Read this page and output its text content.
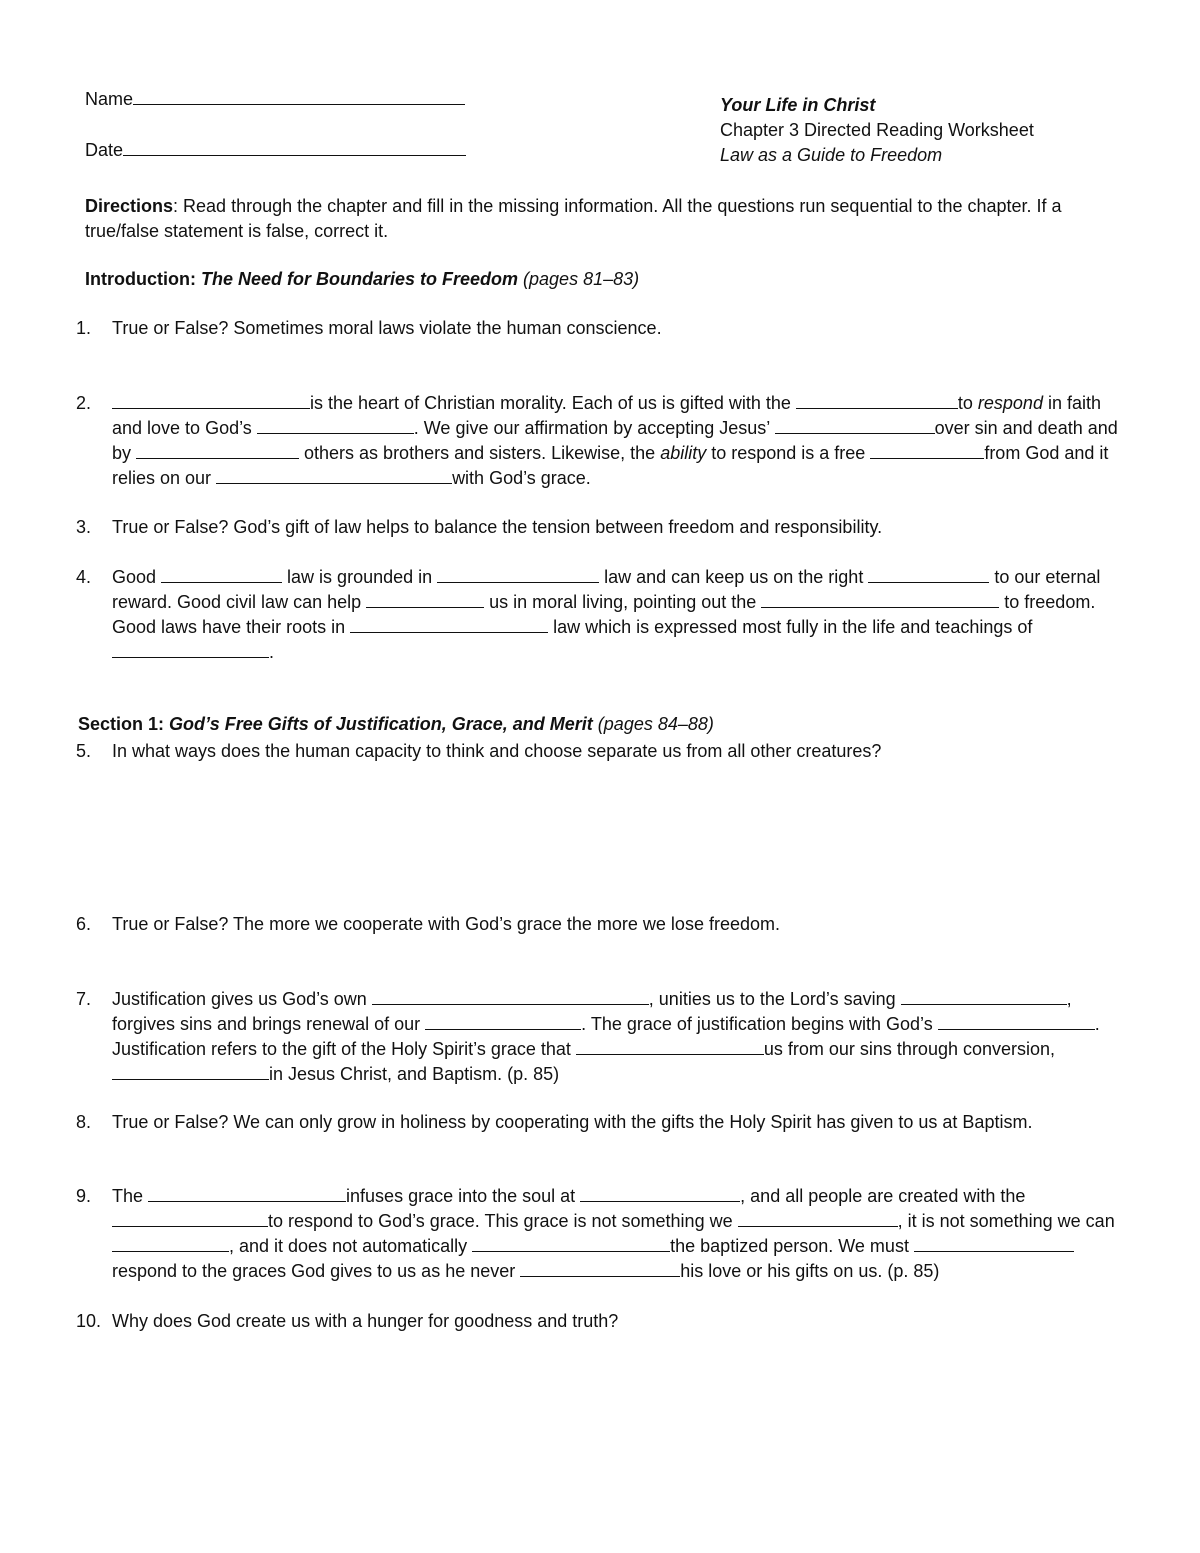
Name
Date
Your Life in Christ
Chapter 3 Directed Reading Worksheet
Law as a Guide to Freedom
Directions: Read through the chapter and fill in the missing information. All the questions run sequential to the chapter. If a
true/false statement is false, correct it.
Introduction: The Need for Boundaries to Freedom (pages 81–83)
1. True or False? Sometimes moral laws violate the human conscience.
2.	is the heart of Christian morality. Each of us is gifted with the	to respond in faith
and love to God’s	. We give our affirmation by accepting Jesus’	over sin and death and
by	others as brothers and sisters. Likewise, the ability to respond is a free	from God and it
relies on our	with God’s grace.
3. True or False? God’s gift of law helps to balance the tension between freedom and responsibility.
4. Good	law is grounded in	law and can keep us on the right	to our eternal
reward. Good civil law can help	us in moral living, pointing out the	to freedom.
Good laws have their roots in	law which is expressed most fully in the life and teachings of
.
Section 1: God’s Free Gifts of Justification, Grace, and Merit (pages 84–88)
5. In what ways does the human capacity to think and choose separate us from all other creatures?
6. True or False? The more we cooperate with God’s grace the more we lose freedom.
7. Justification gives us God’s own	, unities us to the Lord’s saving	,
forgives sins and brings renewal of our	. The grace of justification begins with God’s	.
Justification refers to the gift of the Holy Spirit’s grace that	us from our sins through conversion,
in Jesus Christ, and Baptism. (p. 85)
8. True or False? We can only grow in holiness by cooperating with the gifts the Holy Spirit has given to us at Baptism.
9. The	infuses grace into the soul at	, and all people are created with the
to respond to God’s grace. This grace is not something we	, it is not something we can
, and it does not automatically	the baptized person. We must
respond to the graces God gives to us as he never	his love or his gifts on us. (p. 85)
10. Why does God create us with a hunger for goodness and truth?
